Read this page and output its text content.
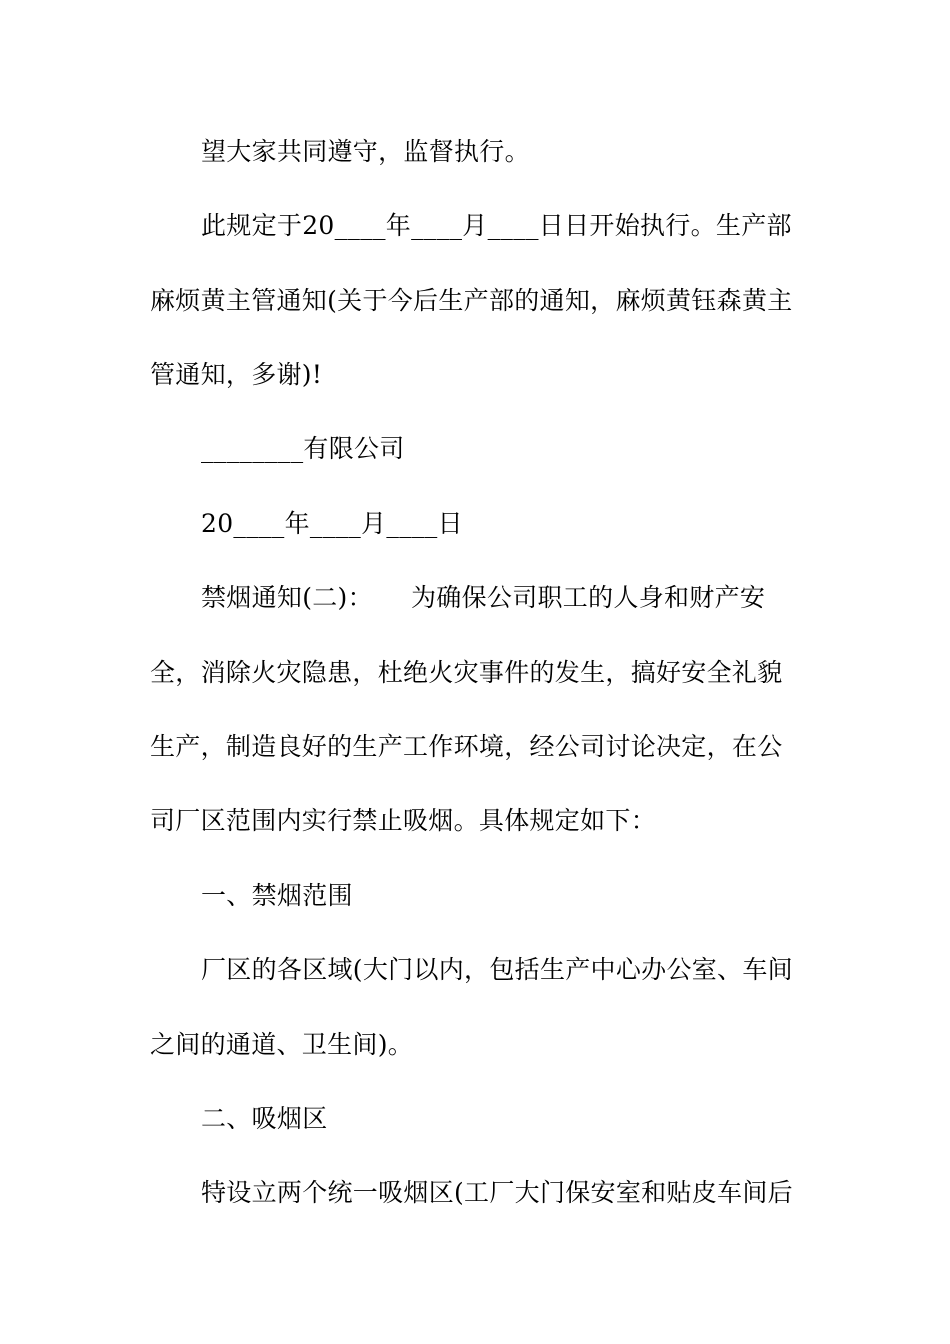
望大家共同遵守，监督执行。
此规定于20____年____月____日日开始执行。生产部
麻烦黄主管通知(关于今后生产部的通知，麻烦黄钰森黄主
管通知，多谢)!
________有限公司
20____年____月____日
禁烟通知(二)：　　为确保公司职工的人身和财产安
全，消除火灾隐患，杜绝火灾事件的发生，搞好安全礼貌
生产，制造良好的生产工作环境，经公司讨论决定，在公
司厂区范围内实行禁止吸烟。具体规定如下：
一、禁烟范围
厂区的各区域(大门以内，包括生产中心办公室、车间
之间的通道、卫生间)。
二、吸烟区
特设立两个统一吸烟区(工厂大门保安室和贴皮车间后
